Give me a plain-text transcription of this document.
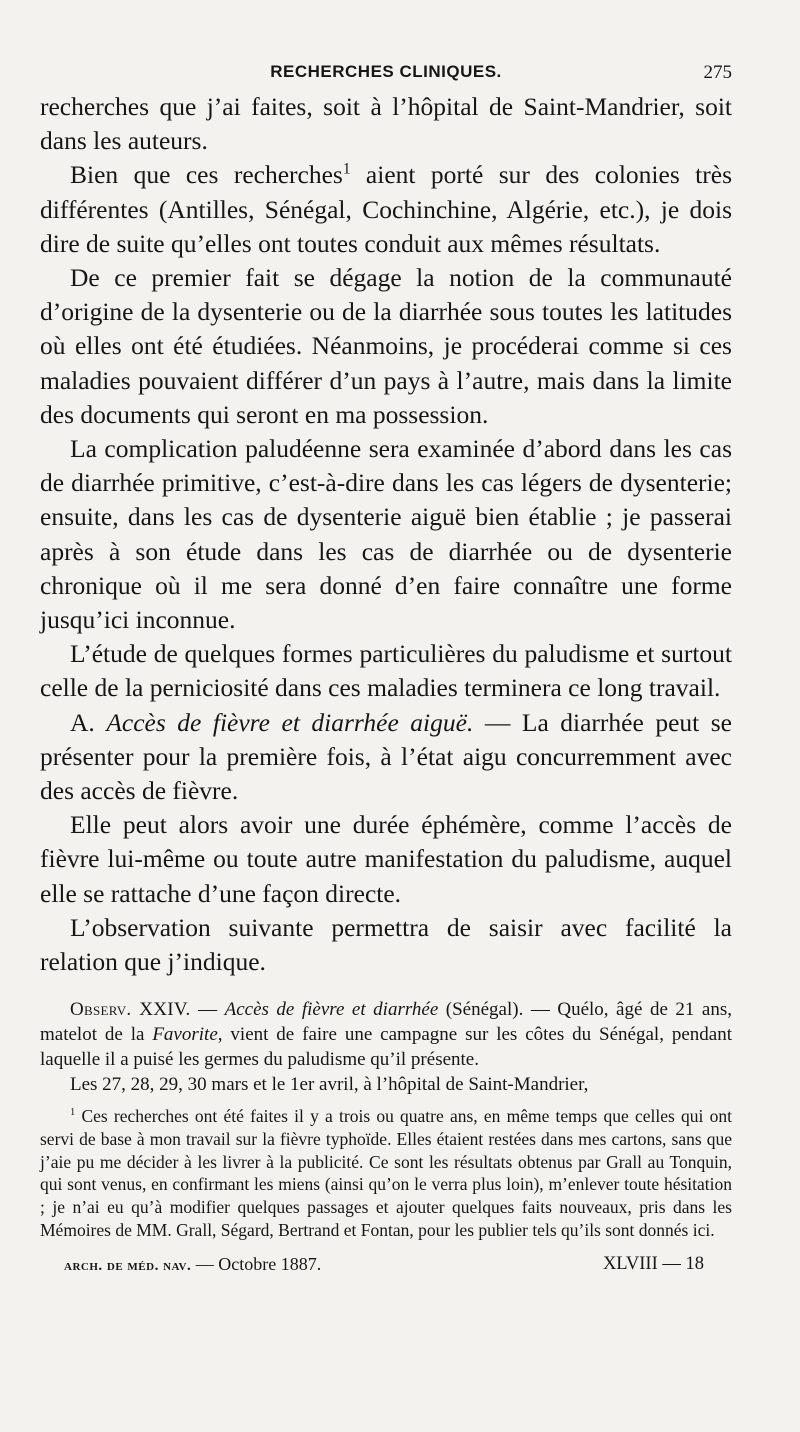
RECHERCHES CLINIQUES.	275

recherches que j’ai faites, soit à l’hôpital de Saint-Mandrier, soit dans les auteurs.

Bien que ces recherches$^1$ aient porté sur des colonies très différentes (Antilles, Sénégal, Cochinchine, Algérie, etc.), je dois dire de suite qu’elles ont toutes conduit aux mêmes résultats.

De ce premier fait se dégage la notion de la communauté d’origine de la dysenterie ou de la diarrhée sous toutes les latitudes où elles ont été étudiées. Néanmoins, je procéderai comme si ces maladies pouvaient différer d’un pays à l’autre, mais dans la limite des documents qui seront en ma possession.

La complication paludéenne sera examinée d’abord dans les cas de diarrhée primitive, c’est-à-dire dans les cas légers de dysenterie; ensuite, dans les cas de dysenterie aiguë bien établie ; je passerai après à son étude dans les cas de diarrhée ou de dysenterie chronique où il me sera donné d’en faire connaître une forme jusqu’ici inconnue.

L’étude de quelques formes particulières du paludisme et surtout celle de la perniciosité dans ces maladies terminera ce long travail.

A. Accès de fièvre et diarrhée aiguë. — La diarrhée peut se présenter pour la première fois, à l’état aigu concurremment avec des accès de fièvre.

Elle peut alors avoir une durée éphémère, comme l’accès de fièvre lui-même ou toute autre manifestation du paludisme, auquel elle se rattache d’une façon directe.

L’observation suivante permettra de saisir avec facilité la relation que j’indique.

Observ. XXIV. — Accès de fièvre et diarrhée (Sénégal). — Quélo, âgé de 21 ans, matelot de la Favorite, vient de faire une campagne sur les côtes du Sénégal, pendant laquelle il a puisé les germes du paludisme qu’il présente.

Les 27, 28, 29, 30 mars et le 1er avril, à l’hôpital de Saint-Mandrier,

$^1$ Ces recherches ont été faites il y a trois ou quatre ans, en même temps que celles qui ont servi de base à mon travail sur la fièvre typhoïde. Elles étaient restées dans mes cartons, sans que j’aie pu me décider à les livrer à la publicité. Ce sont les résultats obtenus par Grall au Tonquin, qui sont venus, en confirmant les miens (ainsi qu’on le verra plus loin), m’enlever toute hésitation ; je n’ai eu qu’à modifier quelques passages et ajouter quelques faits nouveaux, pris dans les Mémoires de MM. Grall, Ségard, Bertrand et Fontan, pour les publier tels qu’ils sont donnés ici.

arch. de méd. nav. — Octobre 1887.	XLVIII — 18
